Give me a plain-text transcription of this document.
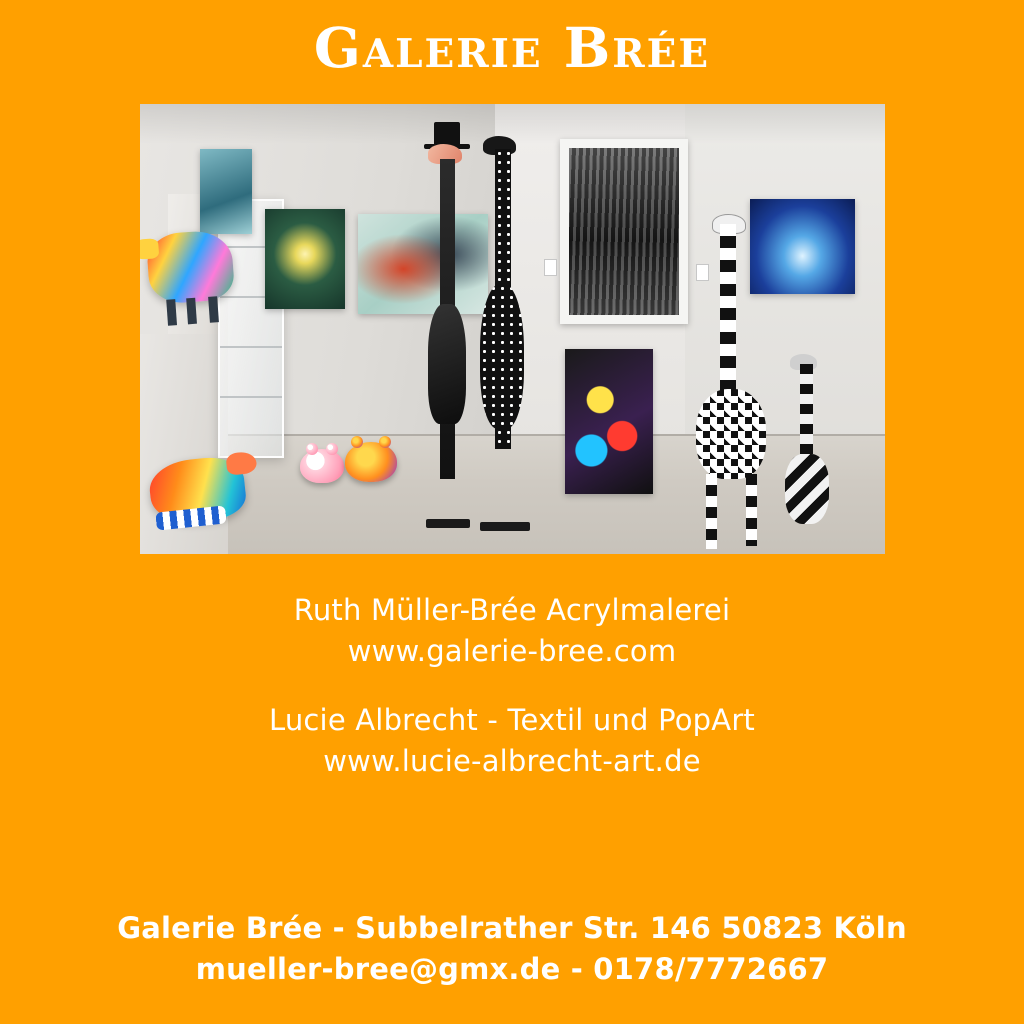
Galerie Brée
Ruth Müller-Brée Acrylmalerei
www.galerie-bree.com
Lucie Albrecht - Textil und PopArt
www.lucie-albrecht-art.de
Galerie Brée - Subbelrather Str. 146 50823 Köln
mueller-bree@gmx.de - 0178/7772667
